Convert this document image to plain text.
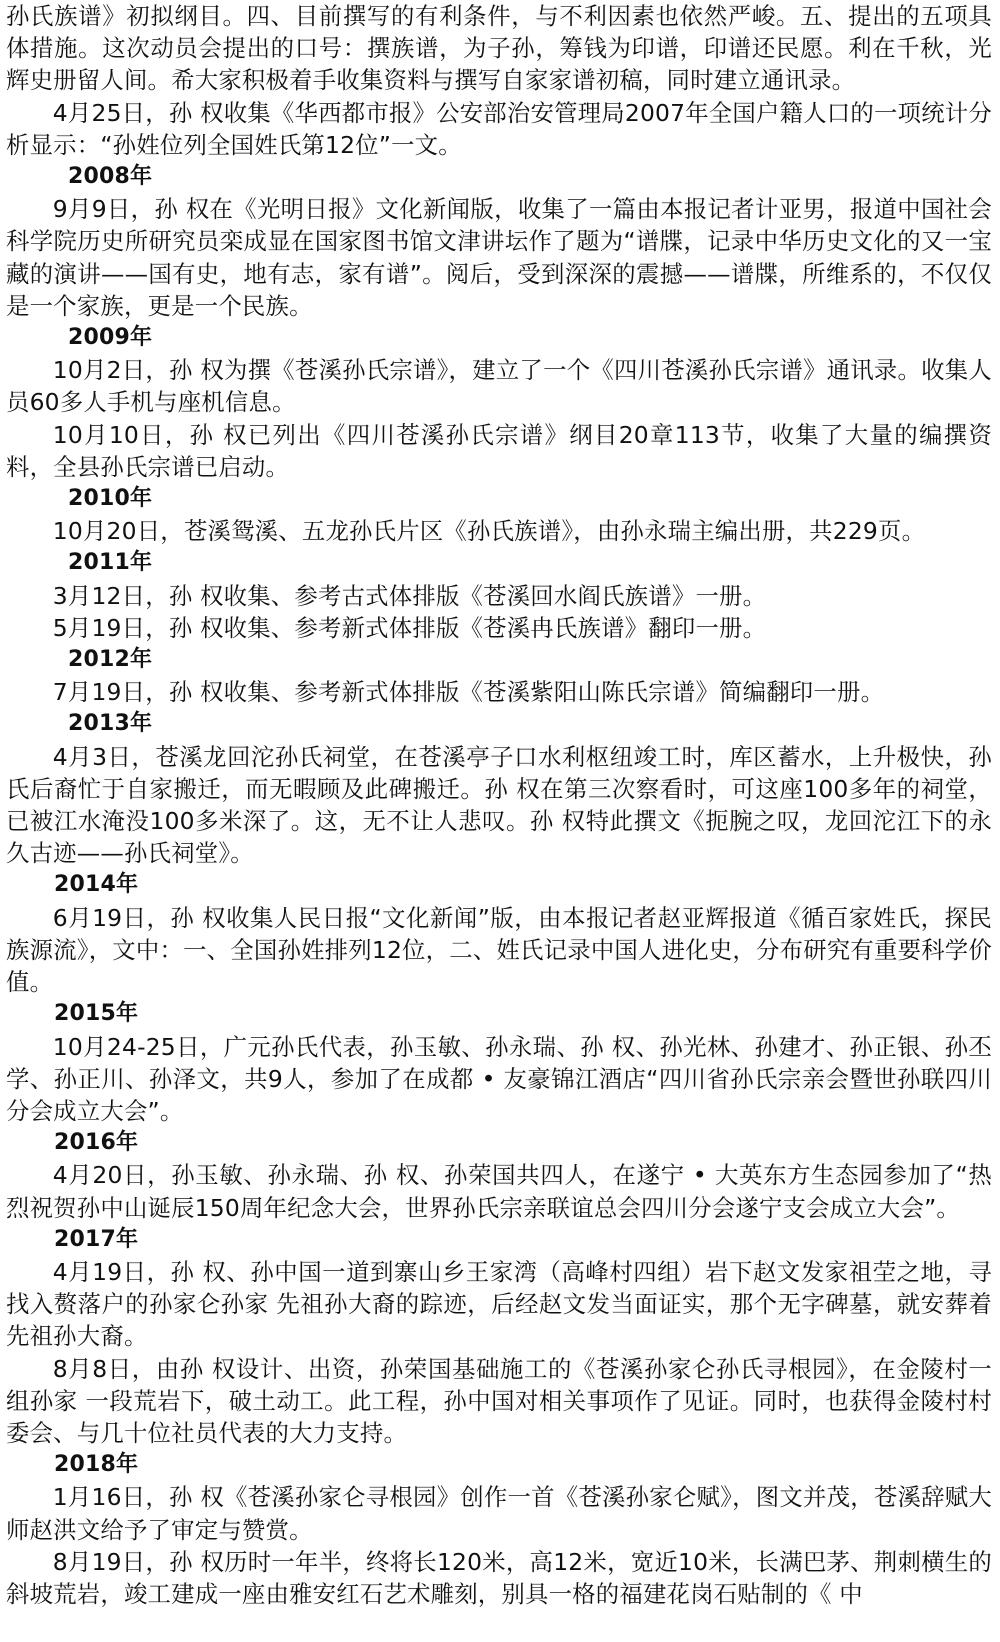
孙氏族谱》初拟纲目。四、目前撰写的有利条件，与不利因素也依然严峻。五、提出的五项具体措施。这次动员会提出的口号：撰族谱，为子孙，筹钱为印谱，印谱还民愿。利在千秋，光辉史册留人间。希大家积极着手收集资料与撰写自家家谱初稿，同时建立通讯录。

4月25日，孙 权收集《华西都市报》公安部治安管理局2007年全国户籍人口的一项统计分析显示：“孙姓位列全国姓氏第12位”一文。

2008年

9月9日，孙 权在《光明日报》文化新闻版，收集了一篇由本报记者计亚男，报道中国社会科学院历史所研究员栾成显在国家图书馆文津讲坛作了题为“谱牒，记录中华历史文化的又一宝藏的演讲——国有史，地有志，家有谱”。阅后，受到深深的震撼——谱牒，所维系的，不仅仅是一个家族，更是一个民族。

2009年

10月2日，孙 权为撰《苍溪孙氏宗谱》，建立了一个《四川苍溪孙氏宗谱》通讯录。收集人员60多人手机与座机信息。

10月10日，孙 权已列出《四川苍溪孙氏宗谱》纲目20章113节，收集了大量的编撰资料，全县孙氏宗谱已启动。

2010年

10月20日，苍溪鸳溪、五龙孙氏片区《孙氏族谱》，由孙永瑞主编出册，共229页。

2011年

3月12日，孙 权收集、参考古式体排版《苍溪回水阎氏族谱》一册。

5月19日，孙 权收集、参考新式体排版《苍溪冉氏族谱》翻印一册。

2012年

7月19日，孙 权收集、参考新式体排版《苍溪紫阳山陈氏宗谱》简编翻印一册。

2013年

4月3日，苍溪龙回沱孙氏祠堂，在苍溪亭子口水利枢纽竣工时，库区蓄水，上升极快，孙氏后裔忙于自家搬迁，而无暇顾及此碑搬迁。孙 权在第三次察看时，可这座100多年的祠堂，已被江水淹没100多米深了。这，无不让人悲叹。孙 权特此撰文《扼腕之叹，龙回沱江下的永久古迹——孙氏祠堂》。

2014年

6月19日，孙 权收集人民日报“文化新闻”版，由本报记者赵亚辉报道《循百家姓氏，探民族源流》，文中：一、全国孙姓排列12位，二、姓氏记录中国人进化史，分布研究有重要科学价值。

2015年

10月24-25日，广元孙氏代表，孙玉敏、孙永瑞、孙 权、孙光林、孙建才、孙正银、孙丕学、孙正川、孙泽文，共9人，参加了在成都 • 友豪锦江酒店“四川省孙氏宗亲会暨世孙联四川分会成立大会”。

2016年

4月20日，孙玉敏、孙永瑞、孙 权、孙荣国共四人，在遂宁 • 大英东方生态园参加了“热烈祝贺孙中山诞辰150周年纪念大会，世界孙氏宗亲联谊总会四川分会遂宁支会成立大会”。

2017年

4月19日，孙 权、孙中国一道到寨山乡王家湾（高峰村四组）岩下赵文发家祖茔之地，寻找入赘落户的孙家仑孙家 先祖孙大裔的踪迹，后经赵文发当面证实，那个无字碑墓，就安葬着先祖孙大裔。

8月8日，由孙 权设计、出资，孙荣国基础施工的《苍溪孙家仑孙氏寻根园》，在金陵村一组孙家 一段荒岩下，破土动工。此工程，孙中国对相关事项作了见证。同时，也获得金陵村村委会、与几十位社员代表的大力支持。

2018年

1月16日，孙 权《苍溪孙家仑寻根园》创作一首《苍溪孙家仑赋》，图文并茂，苍溪辞赋大师赵洪文给予了审定与赞赏。

8月19日，孙 权历时一年半，终将长120米，高12米，宽近10米，长满巴茅、荆刺横生的斜坡荒岩，竣工建成一座由雅安红石艺术雕刻，别具一格的福建花岗石贴制的《 中
